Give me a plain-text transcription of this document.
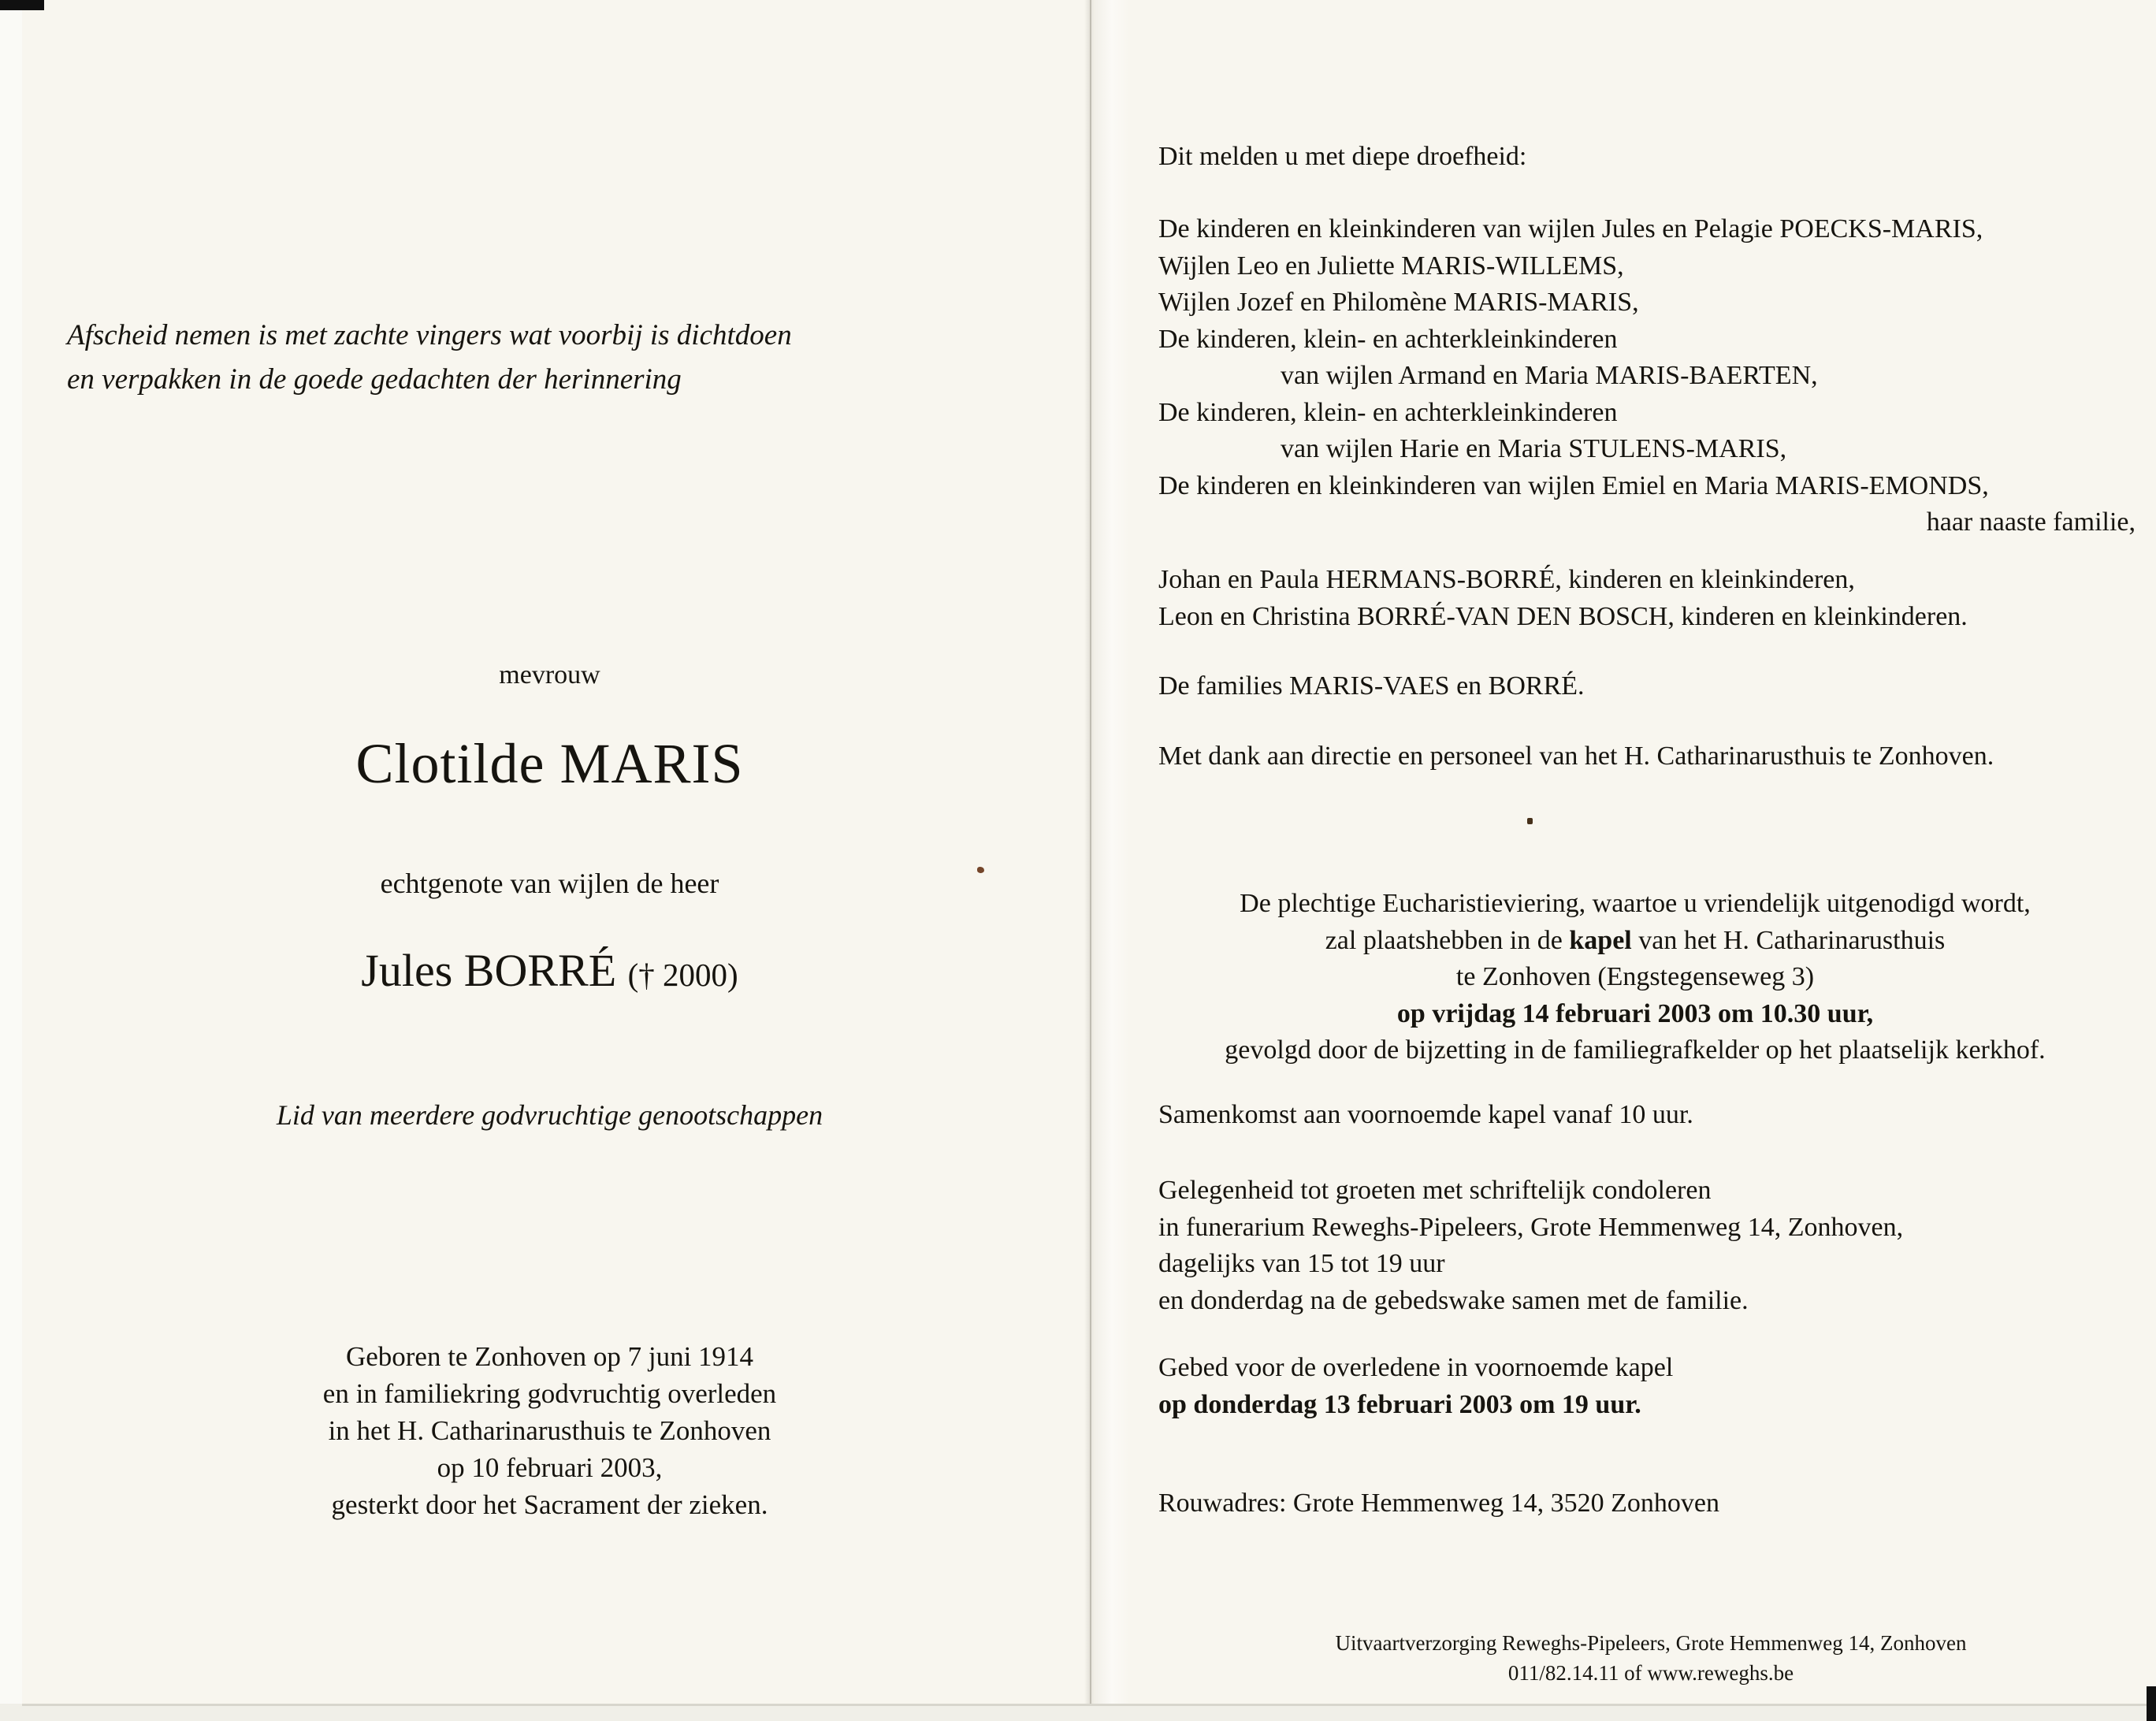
Afscheid nemen is met zachte vingers wat voorbij is dichtdoen
en verpakken in de goede gedachten der herinnering
mevrouw
Clotilde MARIS
echtgenote van wijlen de heer
Jules BORRÉ († 2000)
Lid van meerdere godvruchtige genootschappen
Geboren te Zonhoven op 7 juni 1914
en in familiekring godvruchtig overleden
in het H. Catharinarusthuis te Zonhoven
op 10 februari 2003,
gesterkt door het Sacrament der zieken.
Dit melden u met diepe droefheid:
De kinderen en kleinkinderen van wijlen Jules en Pelagie POECKS-MARIS,
Wijlen Leo en Juliette MARIS-WILLEMS,
Wijlen Jozef en Philomène MARIS-MARIS,
De kinderen, klein- en achterkleinkinderen
van wijlen Armand en Maria MARIS-BAERTEN,
De kinderen, klein- en achterkleinkinderen
van wijlen Harie en Maria STULENS-MARIS,
De kinderen en kleinkinderen van wijlen Emiel en Maria MARIS-EMONDS,
haar naaste familie,
Johan en Paula HERMANS-BORRÉ, kinderen en kleinkinderen,
Leon en Christina BORRÉ-VAN DEN BOSCH, kinderen en kleinkinderen.
De families MARIS-VAES en BORRÉ.
Met dank aan directie en personeel van het H. Catharinarusthuis te Zonhoven.
De plechtige Eucharistieviering, waartoe u vriendelijk uitgenodigd wordt,
zal plaatshebben in de kapel van het H. Catharinarusthuis
te Zonhoven (Engstegenseweg 3)
op vrijdag 14 februari 2003 om 10.30 uur,
gevolgd door de bijzetting in de familiegrafkelder op het plaatselijk kerkhof.
Samenkomst aan voornoemde kapel vanaf 10 uur.
Gelegenheid tot groeten met schriftelijk condoleren
in funerarium Reweghs-Pipeleers, Grote Hemmenweg 14, Zonhoven,
dagelijks van 15 tot 19 uur
en donderdag na de gebedswake samen met de familie.
Gebed voor de overledene in voornoemde kapel
op donderdag 13 februari 2003 om 19 uur.
Rouwadres: Grote Hemmenweg 14, 3520 Zonhoven
Uitvaartverzorging Reweghs-Pipeleers, Grote Hemmenweg 14, Zonhoven
011/82.14.11 of www.reweghs.be
